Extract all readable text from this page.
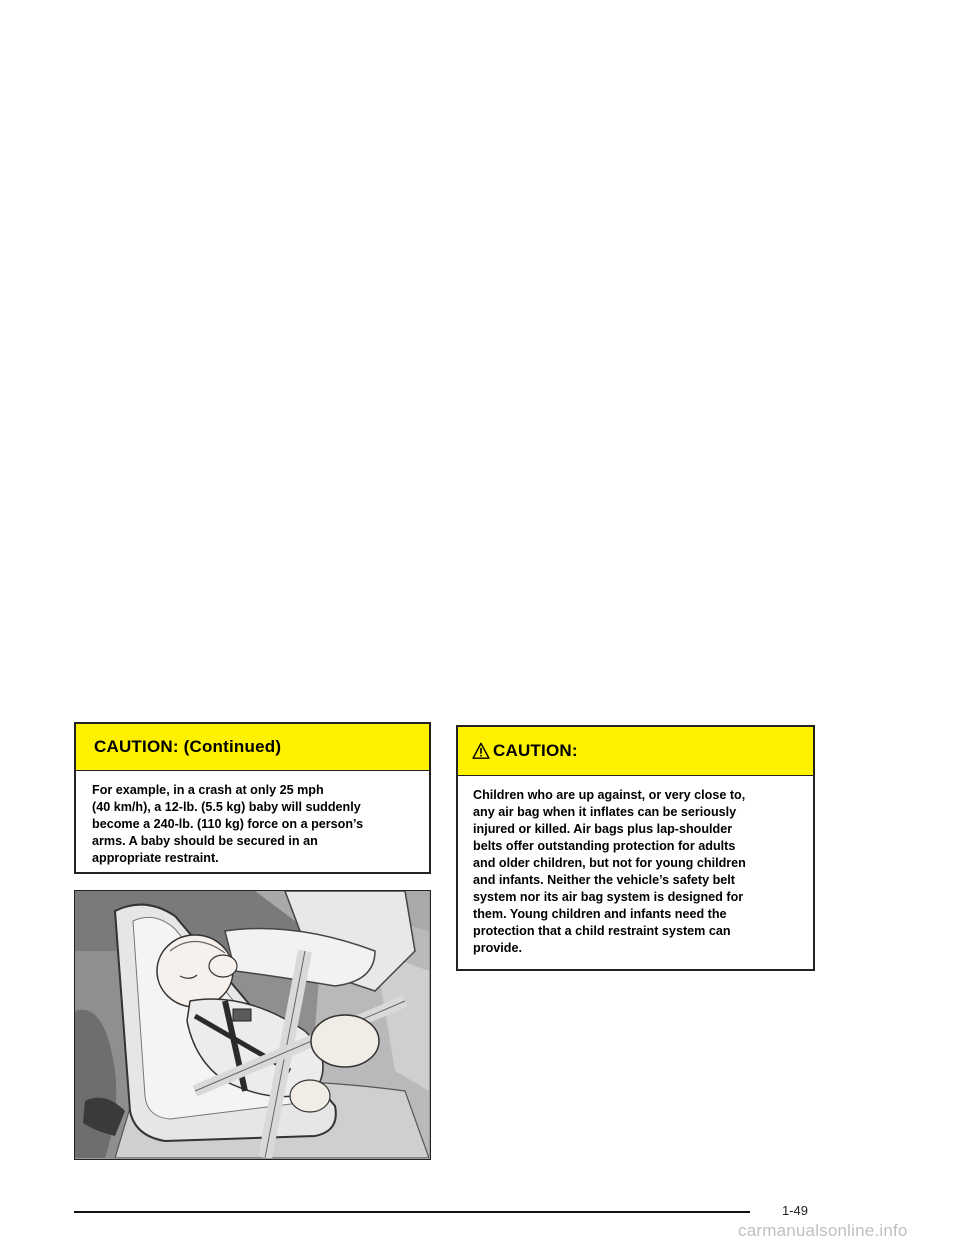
CAUTION: (Continued)
For example, in a crash at only 25 mph
(40 km/h), a 12-lb. (5.5 kg) baby will suddenly
become a 240-lb. (110 kg) force on a person’s
arms. A baby should be secured in an
appropriate restraint.
CAUTION:
Children who are up against, or very close to,
any air bag when it inflates can be seriously
injured or killed. Air bags plus lap-shoulder
belts offer outstanding protection for adults
and older children, but not for young children
and infants. Neither the vehicle’s safety belt
system nor its air bag system is designed for
them. Young children and infants need the
protection that a child restraint system can
provide.
1-49
carmanualsonline.info
